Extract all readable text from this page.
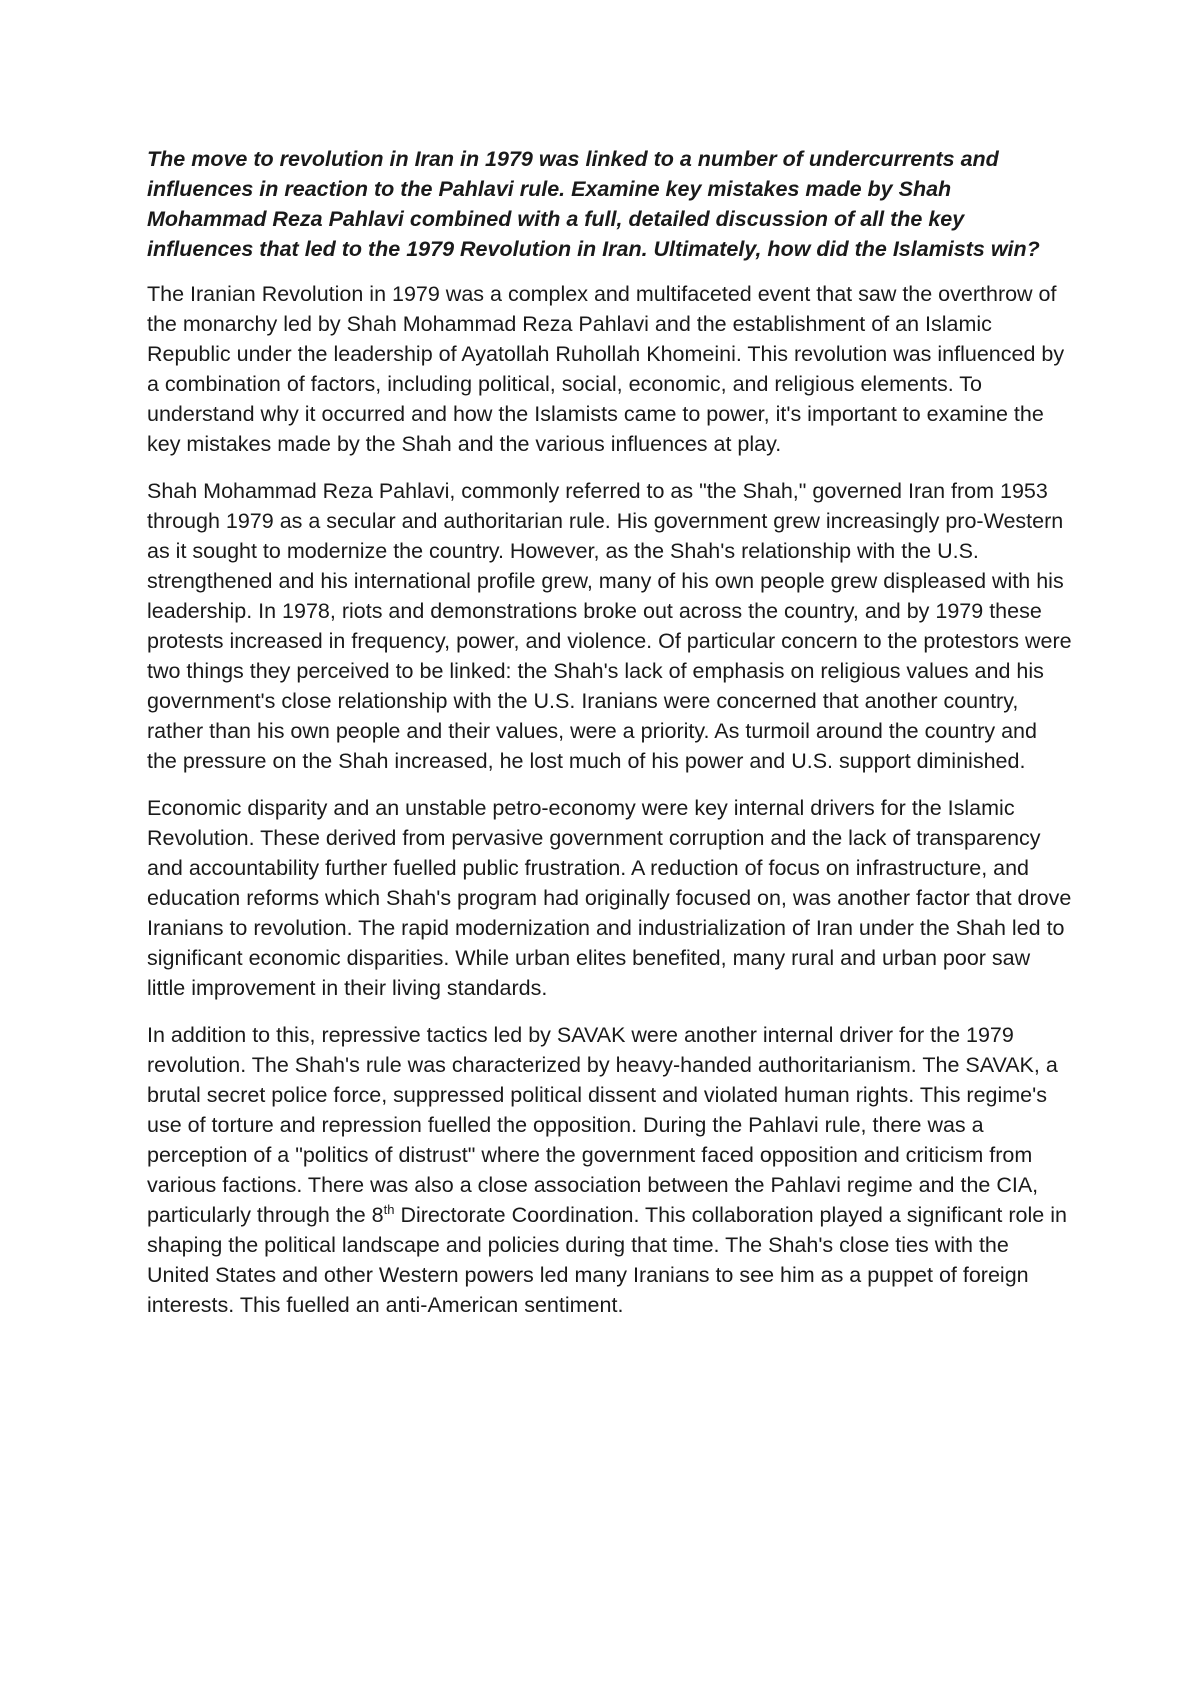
The move to revolution in Iran in 1979 was linked to a number of undercurrents and influences in reaction to the Pahlavi rule. Examine key mistakes made by Shah Mohammad Reza Pahlavi combined with a full, detailed discussion of all the key influences that led to the 1979 Revolution in Iran. Ultimately, how did the Islamists win?

The Iranian Revolution in 1979 was a complex and multifaceted event that saw the overthrow of the monarchy led by Shah Mohammad Reza Pahlavi and the establishment of an Islamic Republic under the leadership of Ayatollah Ruhollah Khomeini. This revolution was influenced by a combination of factors, including political, social, economic, and religious elements. To understand why it occurred and how the Islamists came to power, it's important to examine the key mistakes made by the Shah and the various influences at play.

Shah Mohammad Reza Pahlavi, commonly referred to as "the Shah," governed Iran from 1953 through 1979 as a secular and authoritarian rule. His government grew increasingly pro-Western as it sought to modernize the country. However, as the Shah's relationship with the U.S. strengthened and his international profile grew, many of his own people grew displeased with his leadership. In 1978, riots and demonstrations broke out across the country, and by 1979 these protests increased in frequency, power, and violence. Of particular concern to the protestors were two things they perceived to be linked: the Shah's lack of emphasis on religious values and his government's close relationship with the U.S. Iranians were concerned that another country, rather than his own people and their values, were a priority. As turmoil around the country and the pressure on the Shah increased, he lost much of his power and U.S. support diminished.

Economic disparity and an unstable petro-economy were key internal drivers for the Islamic Revolution. These derived from pervasive government corruption and the lack of transparency and accountability further fuelled public frustration. A reduction of focus on infrastructure, and education reforms which Shah's program had originally focused on, was another factor that drove Iranians to revolution. The rapid modernization and industrialization of Iran under the Shah led to significant economic disparities. While urban elites benefited, many rural and urban poor saw little improvement in their living standards.

In addition to this, repressive tactics led by SAVAK were another internal driver for the 1979 revolution. The Shah's rule was characterized by heavy-handed authoritarianism. The SAVAK, a brutal secret police force, suppressed political dissent and violated human rights. This regime's use of torture and repression fuelled the opposition. During the Pahlavi rule, there was a perception of a "politics of distrust" where the government faced opposition and criticism from various factions. There was also a close association between the Pahlavi regime and the CIA, particularly through the 8th Directorate Coordination. This collaboration played a significant role in shaping the political landscape and policies during that time. The Shah's close ties with the United States and other Western powers led many Iranians to see him as a puppet of foreign interests. This fuelled an anti-American sentiment.
